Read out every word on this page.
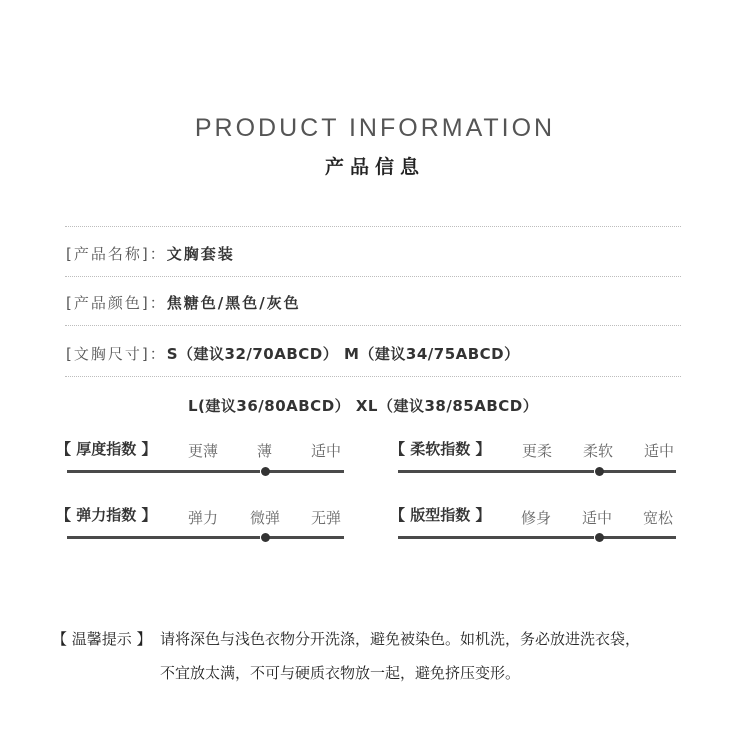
PRODUCT INFORMATION
产品信息
[产品名称]：文胸套装
[产品颜色]：焦糖色/黑色/灰色
[文胸尺寸]：S（建议32/70ABCD） M（建议34/75ABCD）
L(建议36/80ABCD） XL（建议38/85ABCD）
【 厚度指数 】 更薄	薄	适中	【 柔软指数 】 更柔 柔软 适中
【 弹力指数 】 弹力 微弹 无弹	【 版型指数 】 修身 适中 宽松
【 温馨提示 】 请将深色与浅色衣物分开洗涤，避免被染色。如机洗，务必放进洗衣袋，
不宜放太满，不可与硬质衣物放一起，避免挤压变形。
